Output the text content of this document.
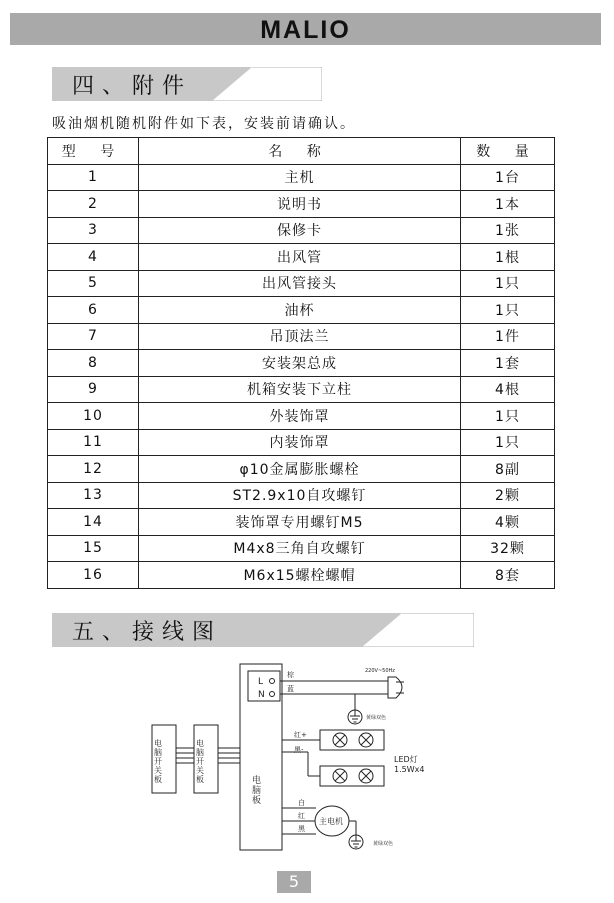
MALIO
四、附件
吸油烟机随机附件如下表，安装前请确认。
型 号	名 称	数 量
1	主机	1台
2	说明书	1本
3	保修卡	1张
4	出风管	1根
5	出风管接头	1只
6	油杯	1只
7	吊顶法兰	1件
8	安装架总成	1套
9	机箱安装下立柱	4根
10	外装饰罩	1只
11	内装饰罩	1只
12	φ10金属膨胀螺栓	8副
13	ST2.9x10自攻螺钉	2颗
14	装饰罩专用螺钉M5	4颗
15	M4x8三角自攻螺钉	32颗
16	M6x15螺栓螺帽	8套
五、接线图
L
N
棕
蓝
220V~50Hz
黄绿双色
电脑开关板	电脑开关板
电脑板
红+
黑-
LED灯
1.5Wx4
白
红
黑
主电机
黄绿双色
5
